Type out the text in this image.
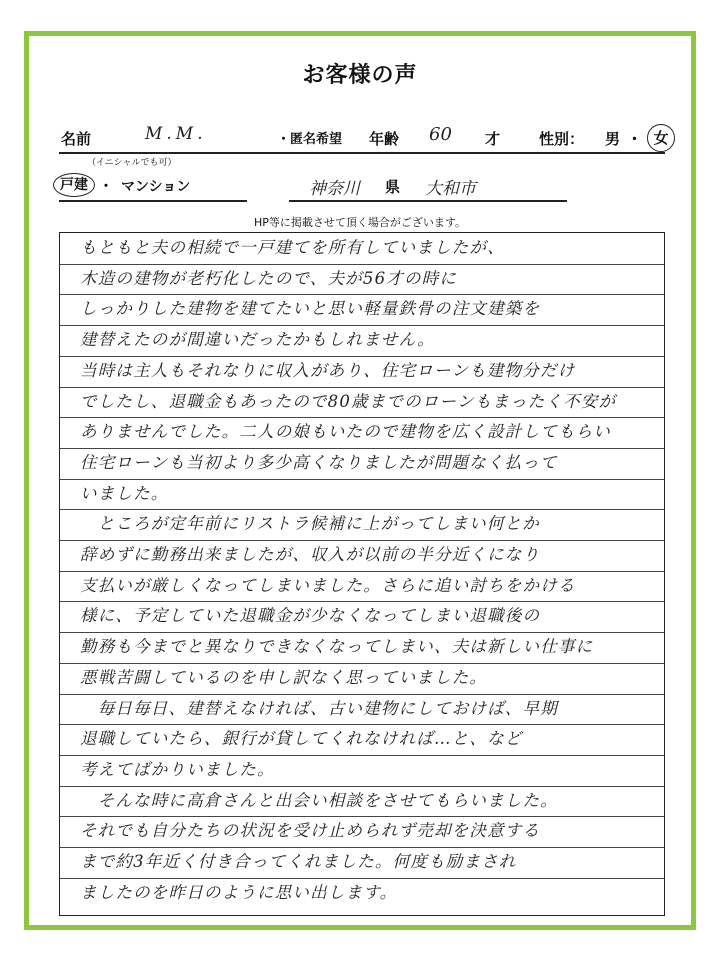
お客様の声
名前	M.M.	・匿名希望 年齢 60 才	性別： 男 ・ 女
（イニシャルでも可）
戸建 ・ マンション	神奈川 県 大和市
HP等に掲載させて頂く場合がございます。
もともと夫の相続で一戸建てを所有していましたが、
木造の建物が老朽化したので、夫が56才の時に
しっかりした建物を建てたいと思い軽量鉄骨の注文建築を
建替えたのが間違いだったかもしれません。
当時は主人もそれなりに収入があり、住宅ローンも建物分だけ
でしたし、退職金もあったので80歳までのローンもまったく不安が
ありませんでした。二人の娘もいたので建物を広く設計してもらい
住宅ローンも当初より多少高くなりましたが問題なく払って
いました。
　ところが定年前にリストラ候補に上がってしまい何とか
辞めずに勤務出来ましたが、収入が以前の半分近くになり
支払いが厳しくなってしまいました。さらに追い討ちをかける
様に、予定していた退職金が少なくなってしまい退職後の
勤務も今までと異なりできなくなってしまい、夫は新しい仕事に
悪戦苦闘しているのを申し訳なく思っていました。
　毎日毎日、建替えなければ、古い建物にしておけば、早期
退職していたら、銀行が貸してくれなければ…と、など
考えてばかりいました。
　そんな時に高倉さんと出会い相談をさせてもらいました。
それでも自分たちの状況を受け止められず売却を決意する
まで約3年近く付き合ってくれました。何度も励まされ
ましたのを昨日のように思い出します。
